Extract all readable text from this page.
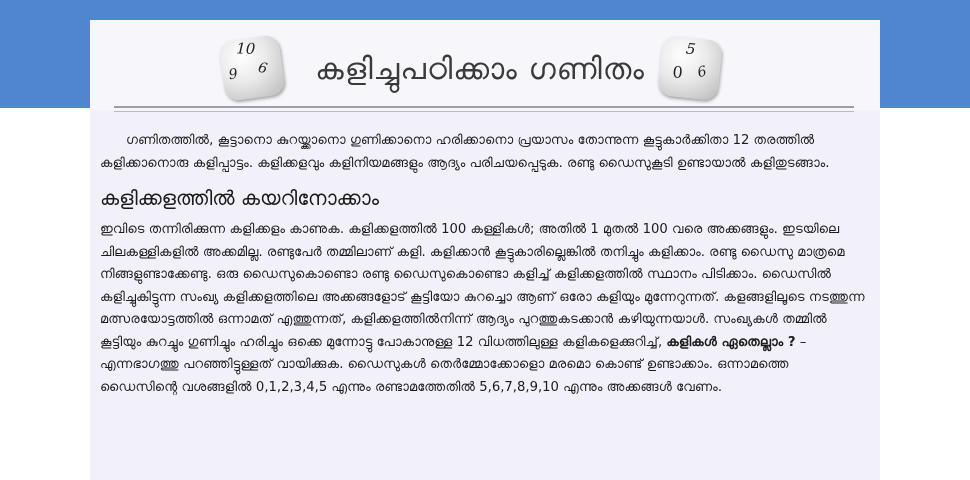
10
9 6	കളിച്ചുപഠിക്കാം ഗണിതം
5
0 6

ഗണിതത്തിൽ, കൂട്ടാനൊ കുറയ്ക്കാനൊ ഗുണിക്കാനൊ ഹരിക്കാനൊ പ്രയാസം തോന്നുന്ന കൂട്ടുകാർക്കിതാ 12 തരത്തിൽ കളിക്കാനൊരു കളിപ്പാട്ടം. കളിക്കളവും കളിനിയമങ്ങളും ആദ്യം പരിചയപ്പെടുക. രണ്ടു ഡൈസുകൂടി ഉണ്ടായാൽ കളിതുടങ്ങാം.

കളിക്കളത്തിൽ കയറിനോക്കാം

ഇവിടെ തന്നിരിക്കുന്ന കളിക്കളം കാണുക. കളിക്കളത്തിൽ 100 കള്ളികൾ; അതിൽ 1 മുതൽ 100 വരെ അക്കങ്ങളും. ഇടയിലെ ചിലകള്ളികളിൽ അക്കമില്ല. രണ്ടുപേർ തമ്മിലാണ് കളി. കളിക്കാൻ കൂട്ടുകാരില്ലെങ്കിൽ തനിച്ചും കളിക്കാം. രണ്ടു ഡൈസു മാത്രമെ നിങ്ങളുണ്ടാക്കേണ്ടു. ഒരു ഡൈസുകൊണ്ടൊ രണ്ടു ഡൈസുകൊണ്ടൊ കളിച്ച് കളിക്കളത്തിൽ സ്ഥാനം പിടിക്കാം. ഡൈസിൽ കളിച്ചുകിട്ടുന്ന സംഖ്യ കളിക്കളത്തിലെ അക്കങ്ങളോട് കൂട്ടിയോ കുറച്ചൊ ആണ് ഒരോ കളിയും മുന്നേറുന്നത്. കളങ്ങളിലൂടെ നടത്തുന്ന മത്സരയോട്ടത്തിൽ ഒന്നാമത് എത്തുന്നത്, കളിക്കളത്തിൽനിന്ന് ആദ്യം പുറത്തുകടക്കാൻ കഴിയുന്നയാൾ. സംഖ്യകൾ തമ്മിൽ കൂട്ടിയും കുറച്ചും ഗുണിച്ചും ഹരിച്ചും ഒക്കെ മുന്നോട്ടു പോകാനുള്ള 12 വിധത്തിലുള്ള കളികളെക്കുറിച്ച്, കളികൾ ഏതെല്ലാം ? – എന്നഭാഗത്തു പറഞ്ഞിട്ടുള്ളത് വായിക്കുക. ഡൈസുകൾ തെർമ്മോക്കോളൊ മരമൊ കൊണ്ട് ഉണ്ടാക്കാം. ഒന്നാമത്തെ ഡൈസിന്റെ വശങ്ങളിൽ 0,1,2,3,4,5 എന്നും രണ്ടാമത്തേതിൽ 5,6,7,8,9,10 എന്നും അക്കങ്ങൾ വേണം.
